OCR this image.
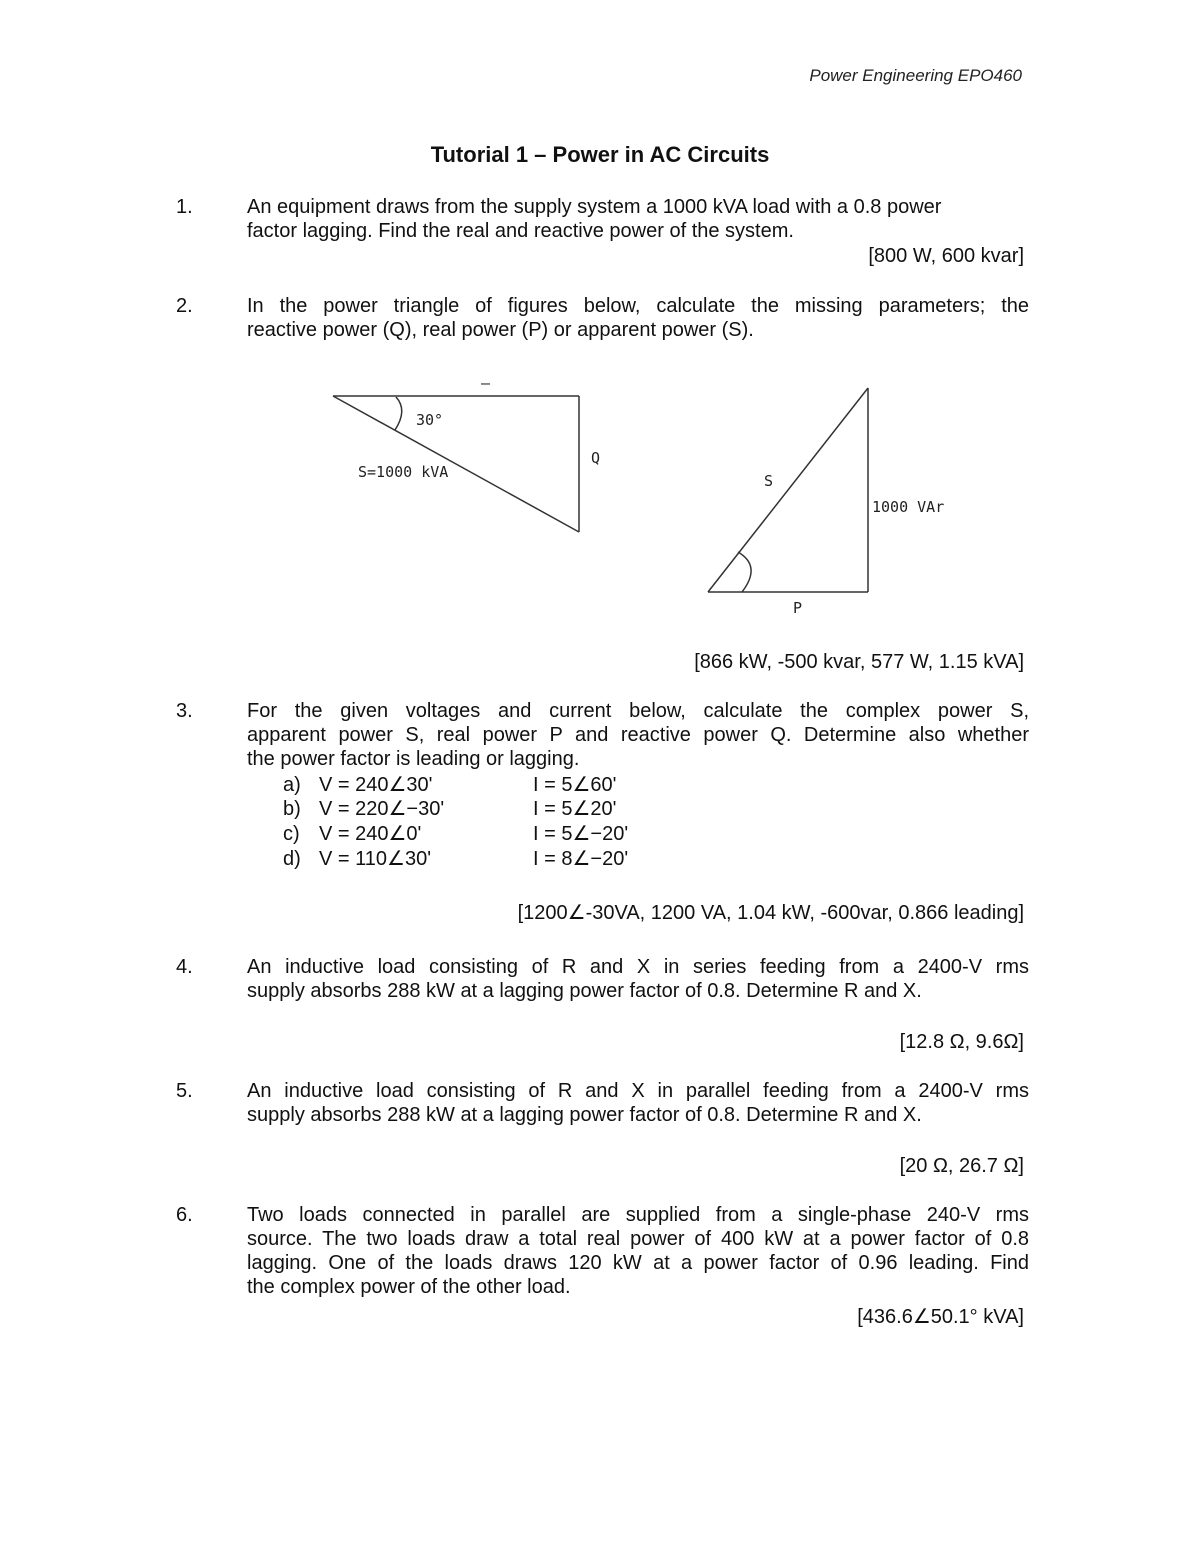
Power Engineering EPO460
Tutorial 1 – Power in AC Circuits
1.	An equipment draws from the supply system a 1000 kVA load with a 0.8 power
factor lagging. Find the real and reactive power of the system.
[800 W, 600 kvar]
2.	In the power triangle of figures below, calculate the missing parameters; the
reactive power (Q), real power (P) or apparent power (S).
–
30°
S=1000 kVA
Q
S
1000 VAr
P
[866 kW, -500 kvar, 577 W, 1.15 kVA]
3.	For the given voltages and current below, calculate the complex power S,
apparent power S, real power P and reactive power Q. Determine also whether
the power factor is leading or lagging.
a) V = 240∠30'	I = 5∠60'
b) V = 220∠−30'	I = 5∠20'
c) V = 240∠0'	I = 5∠−20'
d) V = 110∠30'	I = 8∠−20'
[1200∠-30VA, 1200 VA, 1.04 kW, -600var, 0.866 leading]
4.	An inductive load consisting of R and X in series feeding from a 2400-V rms
supply absorbs 288 kW at a lagging power factor of 0.8. Determine R and X.
[12.8 Ω, 9.6Ω]
5.	An inductive load consisting of R and X in parallel feeding from a 2400-V rms
supply absorbs 288 kW at a lagging power factor of 0.8. Determine R and X.
[20 Ω, 26.7 Ω]
6.	Two loads connected in parallel are supplied from a single-phase 240-V rms
source. The two loads draw a total real power of 400 kW at a power factor of 0.8
lagging. One of the loads draws 120 kW at a power factor of 0.96 leading. Find
the complex power of the other load.
[436.6∠50.1° kVA]
